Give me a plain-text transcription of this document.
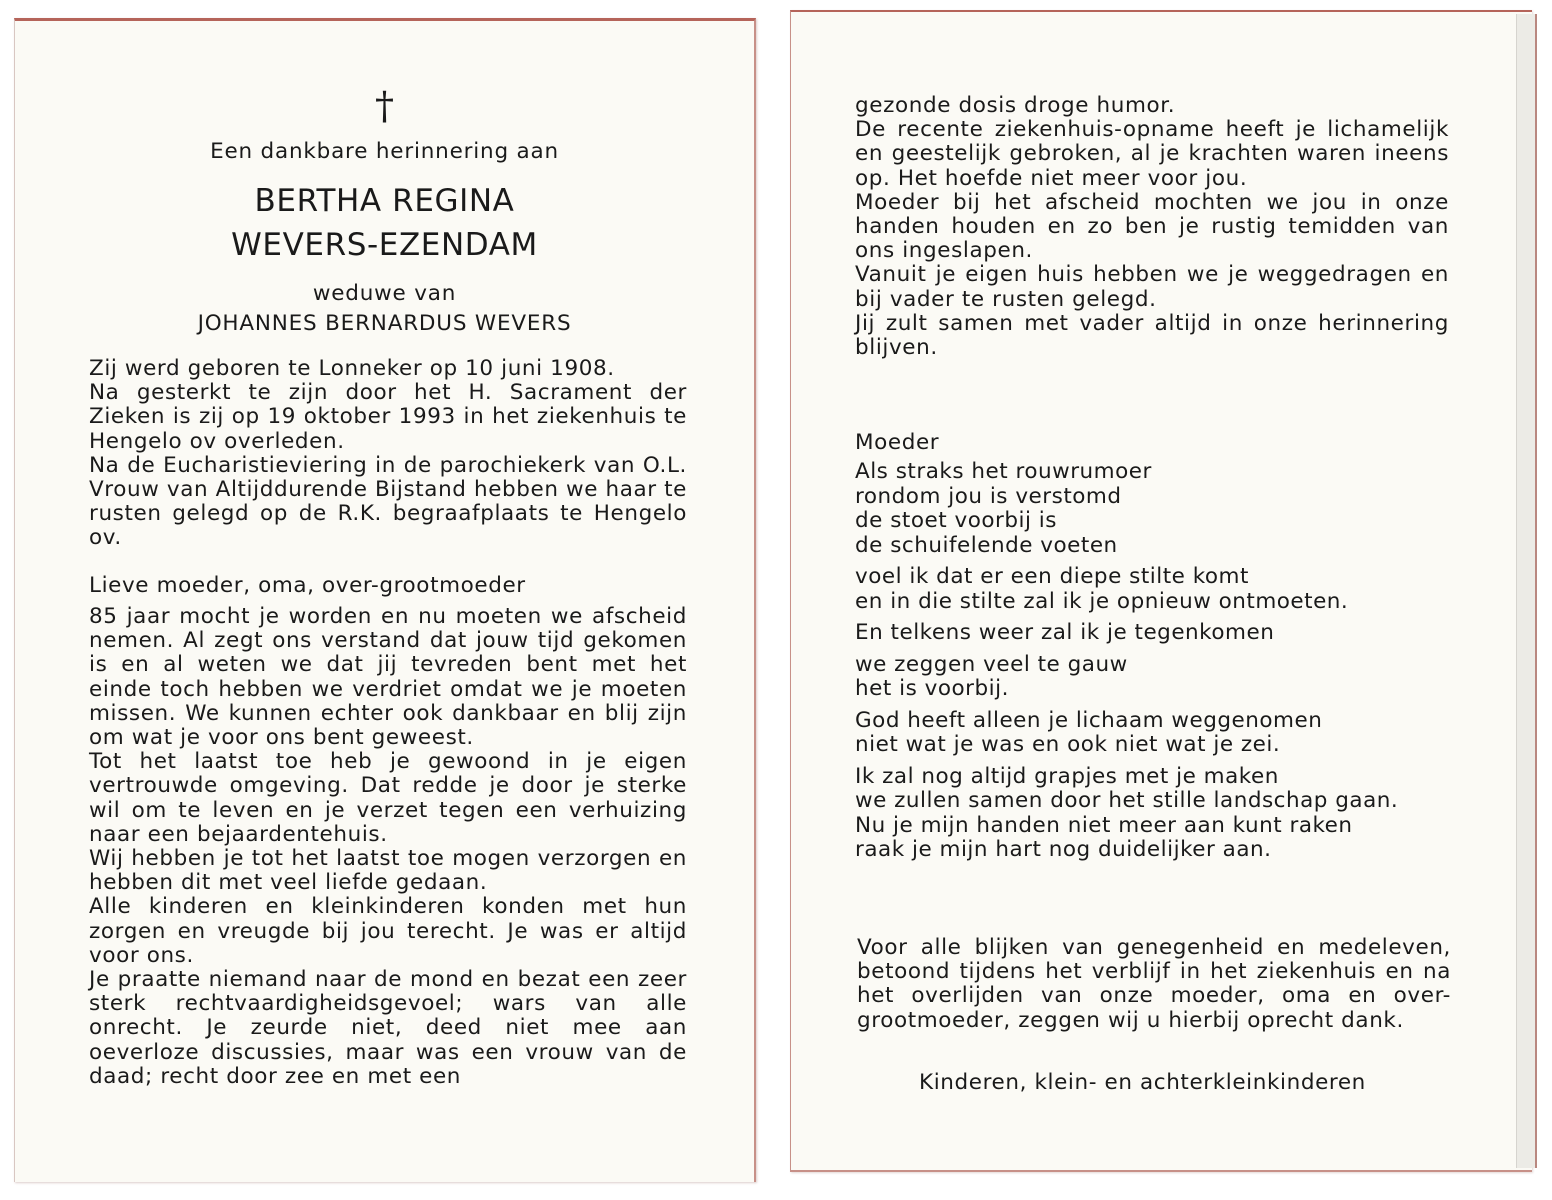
†
Een dankbare herinnering aan
BERTHA REGINA
WEVERS-EZENDAM
weduwe van
JOHANNES BERNARDUS WEVERS

Zij werd geboren te Lonneker op 10 juni 1908.

Na gesterkt te zijn door het H. Sacrament der Zieken is zij op 19 oktober 1993 in het ziekenhuis te Hengelo ov overleden.

Na de Eucharistieviering in de parochiekerk van O.L. Vrouw van Altijddurende Bijstand hebben we haar te rusten gelegd op de R.K. begraafplaats te Hengelo ov.

Lieve moeder, oma, over-grootmoeder

85 jaar mocht je worden en nu moeten we afscheid nemen. Al zegt ons verstand dat jouw tijd gekomen is en al weten we dat jij tevreden bent met het einde toch hebben we verdriet omdat we je moeten missen. We kunnen echter ook dankbaar en blij zijn om wat je voor ons bent geweest.

Tot het laatst toe heb je gewoond in je eigen vertrouwde omgeving. Dat redde je door je sterke wil om te leven en je verzet tegen een verhuizing naar een bejaardentehuis.

Wij hebben je tot het laatst toe mogen verzorgen en hebben dit met veel liefde gedaan.

Alle kinderen en kleinkinderen konden met hun zorgen en vreugde bij jou terecht. Je was er altijd voor ons.

Je praatte niemand naar de mond en bezat een zeer sterk rechtvaardigheidsgevoel; wars van alle onrecht. Je zeurde niet, deed niet mee aan oeverloze discussies, maar was een vrouw van de daad; recht door zee en met een

gezonde dosis droge humor.

De recente ziekenhuis-opname heeft je lichamelijk en geestelijk gebroken, al je krachten waren ineens op. Het hoefde niet meer voor jou.

Moeder bij het afscheid mochten we jou in onze handen houden en zo ben je rustig temidden van ons ingeslapen.

Vanuit je eigen huis hebben we je weggedragen en bij vader te rusten gelegd.

Jij zult samen met vader altijd in onze herinnering blijven.

Moeder
Als straks het rouwrumoer
rondom jou is verstomd
de stoet voorbij is
de schuifelende voeten
voel ik dat er een diepe stilte komt
en in die stilte zal ik je opnieuw ontmoeten.
En telkens weer zal ik je tegenkomen
we zeggen veel te gauw
het is voorbij.
God heeft alleen je lichaam weggenomen
niet wat je was en ook niet wat je zei.
Ik zal nog altijd grapjes met je maken
we zullen samen door het stille landschap gaan.
Nu je mijn handen niet meer aan kunt raken
raak je mijn hart nog duidelijker aan.

Voor alle blijken van genegenheid en medeleven, betoond tijdens het verblijf in het ziekenhuis en na het overlijden van onze moeder, oma en over-grootmoeder, zeggen wij u hierbij oprecht dank.

Kinderen, klein- en achterkleinkinderen
